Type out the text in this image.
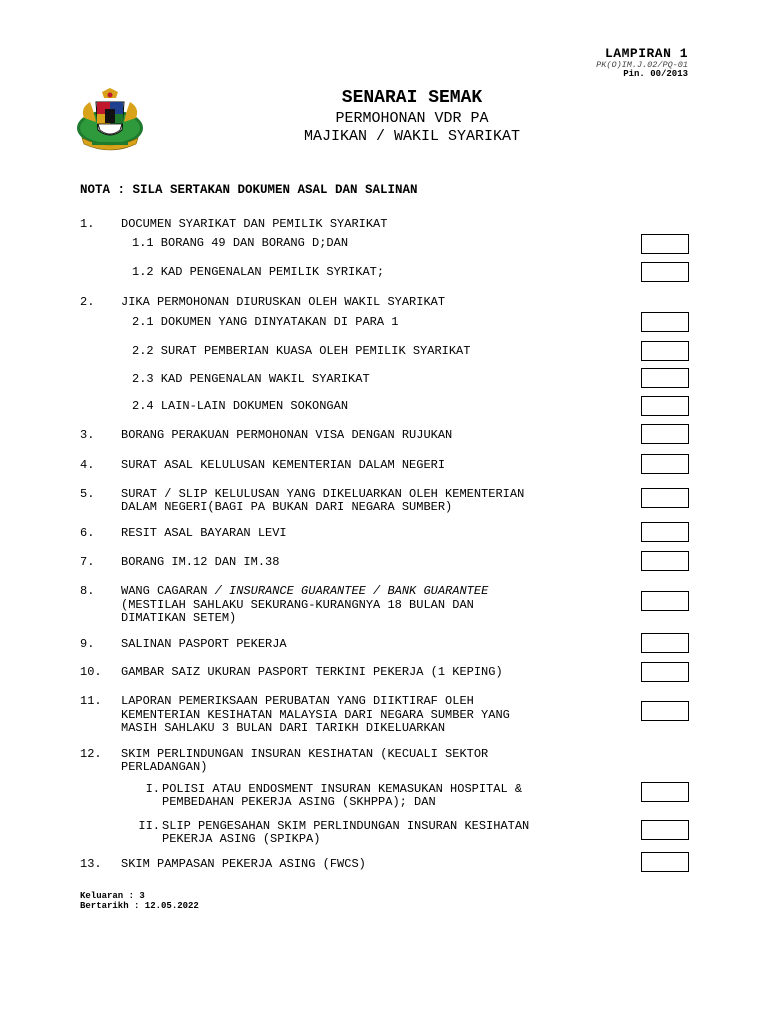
LAMPIRAN 1
PK(O)IM.J.02/PQ-01
Pin. 00/2013
SENARAI SEMAK
PERMOHONAN VDR PA
MAJIKAN / WAKIL SYARIKAT
NOTA : SILA SERTAKAN DOKUMEN ASAL DAN SALINAN
1. DOCUMEN SYARIKAT DAN PEMILIK SYARIKAT
1.1 BORANG 49 DAN BORANG D;DAN
1.2 KAD PENGENALAN PEMILIK SYRIKAT;
2. JIKA PERMOHONAN DIURUSKAN OLEH WAKIL SYARIKAT
2.1 DOKUMEN YANG DINYATAKAN DI PARA 1
2.2 SURAT PEMBERIAN KUASA OLEH PEMILIK SYARIKAT
2.3 KAD PENGENALAN WAKIL SYARIKAT
2.4 LAIN-LAIN DOKUMEN SOKONGAN
3. BORANG PERAKUAN PERMOHONAN VISA DENGAN RUJUKAN
4. SURAT ASAL KELULUSAN KEMENTERIAN DALAM NEGERI
5. SURAT / SLIP KELULUSAN YANG DIKELUARKAN OLEH KEMENTERIAN
DALAM NEGERI(BAGI PA BUKAN DARI NEGARA SUMBER)
6. RESIT ASAL BAYARAN LEVI
7. BORANG IM.12 DAN IM.38
8. WANG CAGARAN / INSURANCE GUARANTEE / BANK GUARANTEE
(MESTILAH SAHLAKU SEKURANG-KURANGNYA 18 BULAN DAN
DIMATIKAN SETEM)
9. SALINAN PASPORT PEKERJA
10. GAMBAR SAIZ UKURAN PASPORT TERKINI PEKERJA (1 KEPING)
11. LAPORAN PEMERIKSAAN PERUBATAN YANG DIIKTIRAF OLEH
KEMENTERIAN KESIHATAN MALAYSIA DARI NEGARA SUMBER YANG
MASIH SAHLAKU 3 BULAN DARI TARIKH DIKELUARKAN
12. SKIM PERLINDUNGAN INSURAN KESIHATAN (KECUALI SEKTOR
PERLADANGAN)
I. POLISI ATAU ENDOSMENT INSURAN KEMASUKAN HOSPITAL &
PEMBEDAHAN PEKERJA ASING (SKHPPA); DAN
II. SLIP PENGESAHAN SKIM PERLINDUNGAN INSURAN KESIHATAN
PEKERJA ASING (SPIKPA)
13. SKIM PAMPASAN PEKERJA ASING (FWCS)
Keluaran : 3
Bertarikh : 12.05.2022
